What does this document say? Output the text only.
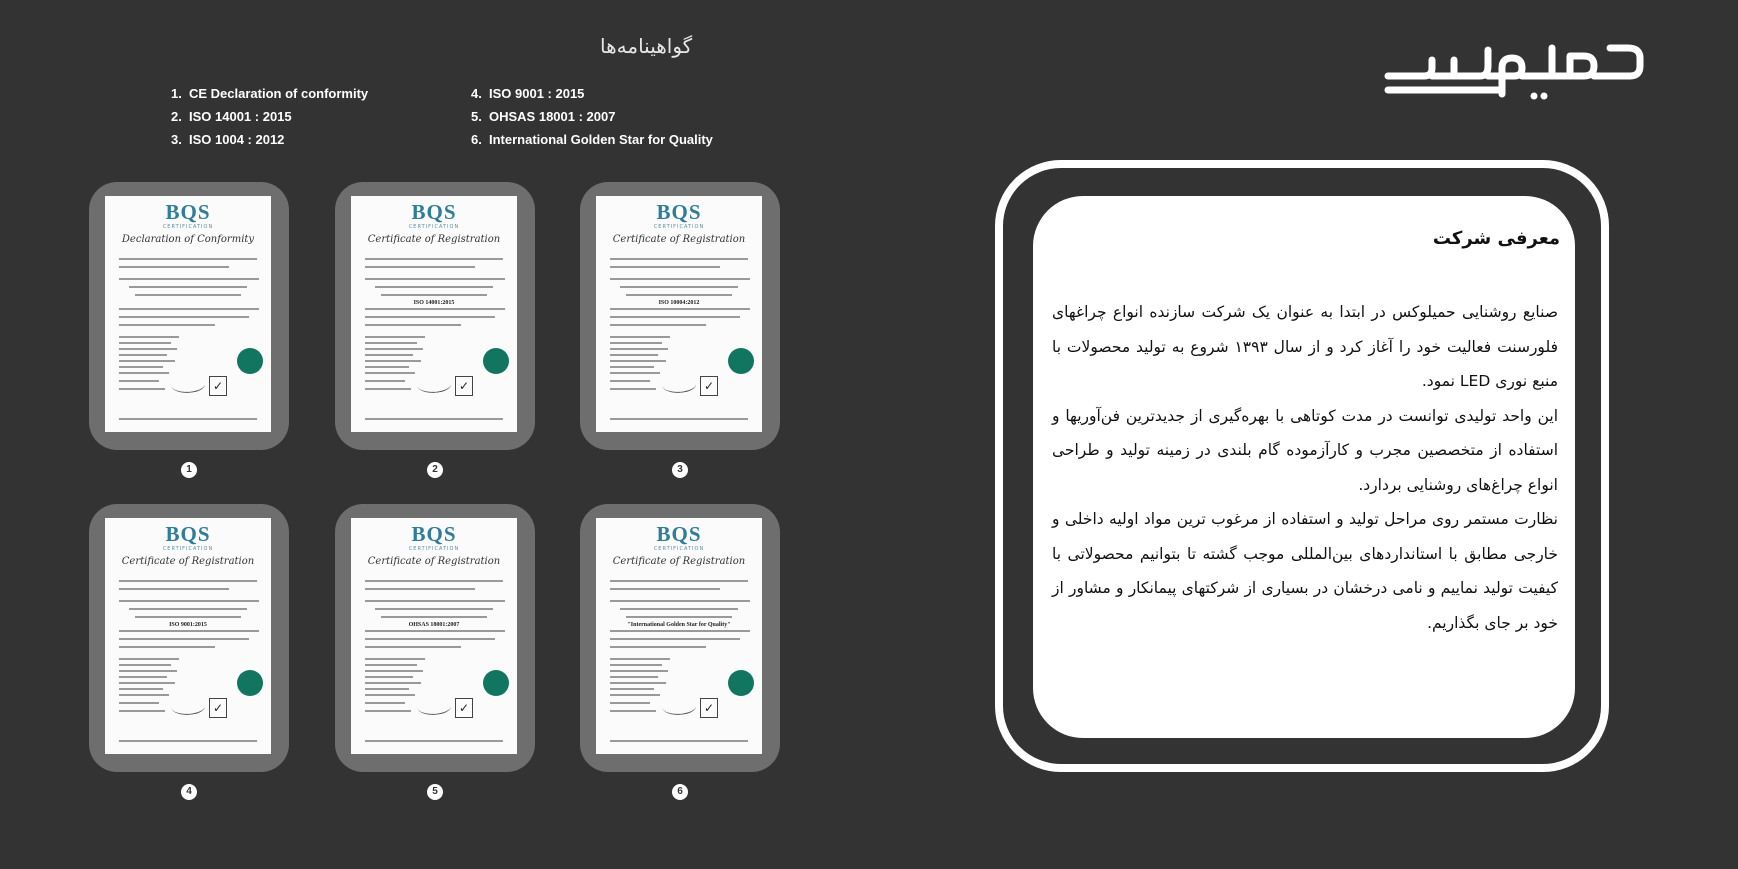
گواهینامه‌ها
1. CE Declaration of conformity
2. ISO 14001 : 2015
3. ISO 1004 : 2012
4. ISO 9001 : 2015
5. OHSAS 18001 : 2007
6. International Golden Star for Quality
BQS
CERTIFICATION
Declaration of Conformity
✓
1
BQS
CERTIFICATION
Certificate of Registration
ISO 14001:2015
✓
2
BQS
CERTIFICATION
Certificate of Registration
ISO 10004:2012
✓
3
BQS
CERTIFICATION
Certificate of Registration
ISO 9001:2015
✓
4
BQS
CERTIFICATION
Certificate of Registration
OHSAS 18001:2007
✓
5
BQS
CERTIFICATION
Certificate of Registration
"International Golden Star for Quality"
✓
6
معرفی شرکت

صنایع روشنایی حمیلوکس در ابتدا به عنوان یک شرکت سازنده انواع چراغهای فلورسنت فعالیت خود را آغاز کرد و از سال ۱۳۹۳ شروع به تولید محصولات با منبع نوری LED نمود.

این واحد تولیدی توانست در مدت کوتاهی با بهره‌گیری از جدیدترین فن‌آوریها و استفاده از متخصصین مجرب و کارآزموده گام بلندی در زمینه تولید و طراحی انواع چراغ‌های روشنایی بردارد.

نظارت مستمر روی مراحل تولید و استفاده از مرغوب ترین مواد اولیه داخلی و خارجی مطابق با استانداردهای بین‌المللی موجب گشته تا بتوانیم محصولاتی با کیفیت تولید نماییم و نامی درخشان در بسیاری از شرکتهای پیمانکار و مشاور از خود بر جای بگذاریم.
